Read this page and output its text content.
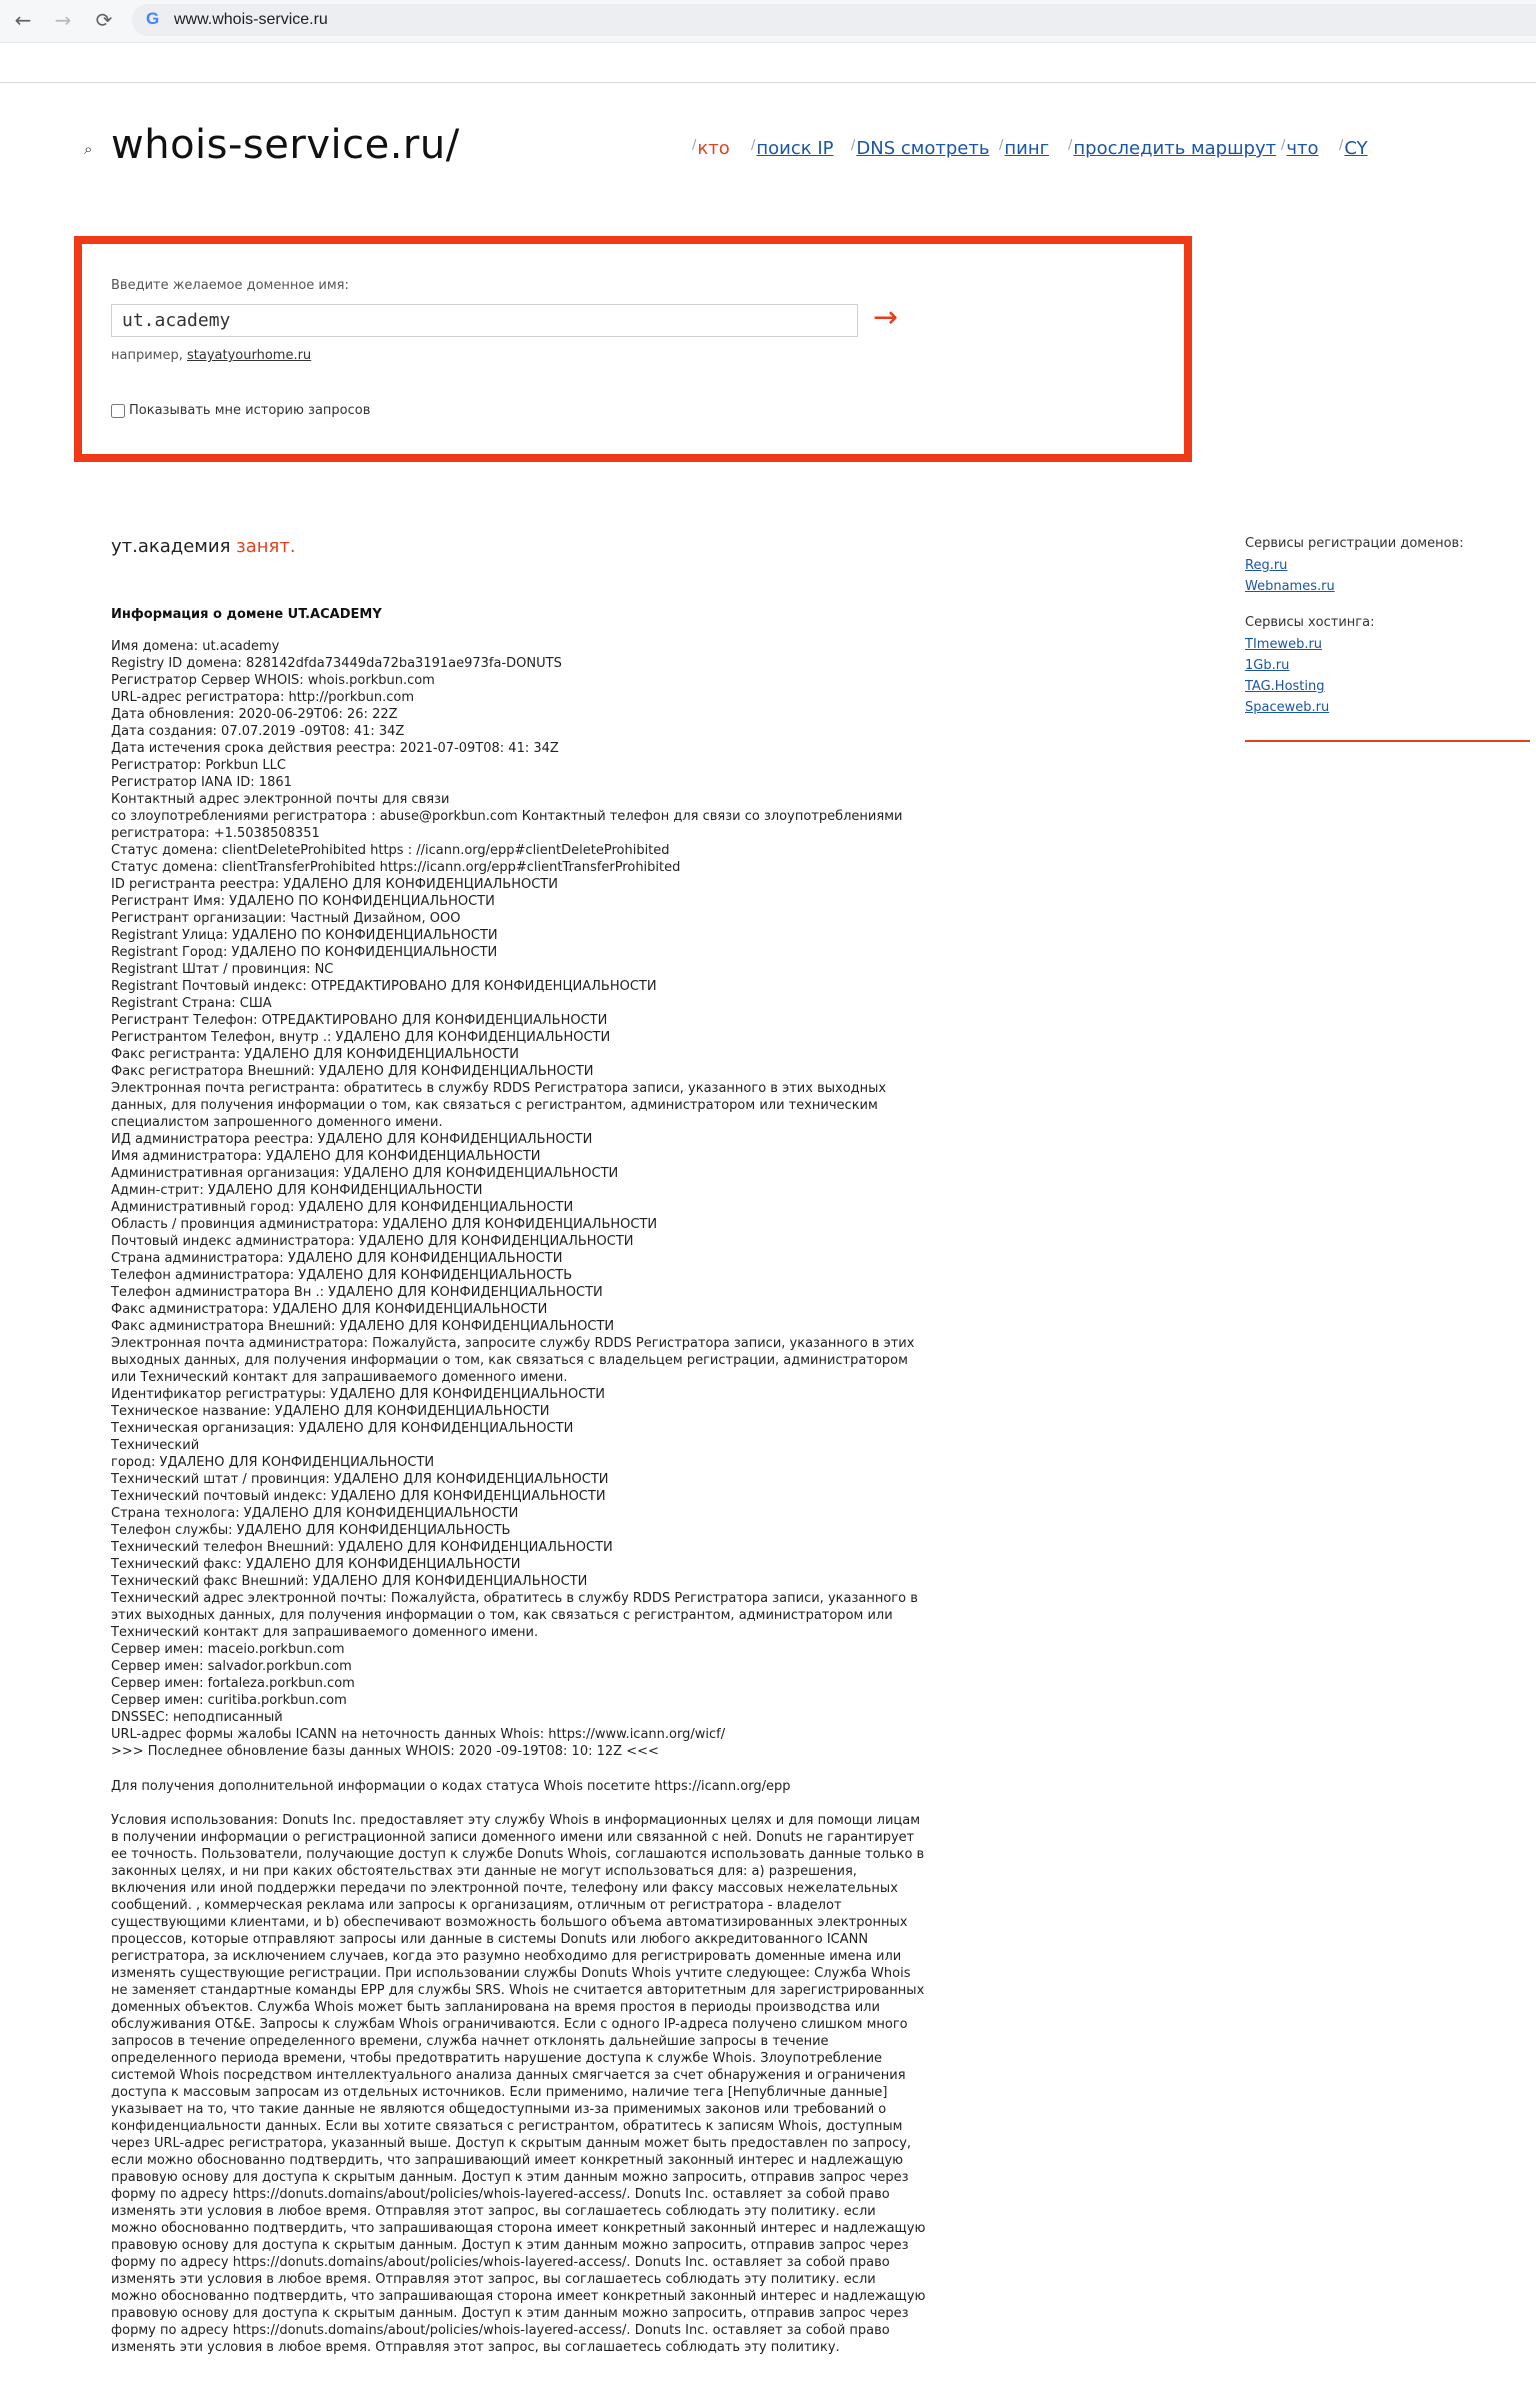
← → ⟳ G www.whois-service.ru
⌕ whois-service.ru/	/кто /поиск IP /DNS смотреть /пинг /проследить маршрут /что /CY
Введите желаемое доменное имя:
ut.academy
→
например, stayatyourhome.ru
Показывать мне историю запросов
ут.академия занят.
Информация о домене UT.ACADEMY
Имя домена: ut.academy
Registry ID домена: 828142dfda73449da72ba3191ae973fa-DONUTS
Регистратор Сервер WHOIS: whois.porkbun.com
URL-адрес регистратора: http://porkbun.com
Дата обновления: 2020-06-29T06: 26: 22Z
Дата создания: 07.07.2019 -09T08: 41: 34Z
Дата истечения срока действия реестра: 2021-07-09T08: 41: 34Z
Регистратор: Porkbun LLC
Регистратор IANA ID: 1861
Контактный адрес электронной почты для связи
со злоупотреблениями регистратора : abuse@porkbun.com Контактный телефон для связи со злоупотреблениями
регистратора: +1.5038508351
Статус домена: clientDeleteProhibited https : //icann.org/epp#clientDeleteProhibited
Статус домена: clientTransferProhibited https://icann.org/epp#clientTransferProhibited
ID регистранта реестра: УДАЛЕНО ДЛЯ КОНФИДЕНЦИАЛЬНОСТИ
Регистрант Имя: УДАЛЕНО ПО КОНФИДЕНЦИАЛЬНОСТИ
Регистрант организации: Частный Дизайном, ООО
Registrant Улица: УДАЛЕНО ПО КОНФИДЕНЦИАЛЬНОСТИ
Registrant Город: УДАЛЕНО ПО КОНФИДЕНЦИАЛЬНОСТИ
Registrant Штат / провинция: NC
Registrant Почтовый индекс: ОТРЕДАКТИРОВАНО ДЛЯ КОНФИДЕНЦИАЛЬНОСТИ
Registrant Страна: США
Регистрант Телефон: ОТРЕДАКТИРОВАНО ДЛЯ КОНФИДЕНЦИАЛЬНОСТИ
Регистрантом Телефон, внутр .: УДАЛЕНО ДЛЯ КОНФИДЕНЦИАЛЬНОСТИ
Факс регистранта: УДАЛЕНО ДЛЯ КОНФИДЕНЦИАЛЬНОСТИ
Факс регистратора Внешний: УДАЛЕНО ДЛЯ КОНФИДЕНЦИАЛЬНОСТИ
Электронная почта регистранта: обратитесь в службу RDDS Регистратора записи, указанного в этих выходных
данных, для получения информации о том, как связаться с регистрантом, администратором или техническим
специалистом запрошенного доменного имени.
ИД администратора реестра: УДАЛЕНО ДЛЯ КОНФИДЕНЦИАЛЬНОСТИ
Имя администратора: УДАЛЕНО ДЛЯ КОНФИДЕНЦИАЛЬНОСТИ
Административная организация: УДАЛЕНО ДЛЯ КОНФИДЕНЦИАЛЬНОСТИ
Админ-стрит: УДАЛЕНО ДЛЯ КОНФИДЕНЦИАЛЬНОСТИ
Административный город: УДАЛЕНО ДЛЯ КОНФИДЕНЦИАЛЬНОСТИ
Область / провинция администратора: УДАЛЕНО ДЛЯ КОНФИДЕНЦИАЛЬНОСТИ
Почтовый индекс администратора: УДАЛЕНО ДЛЯ КОНФИДЕНЦИАЛЬНОСТИ
Страна администратора: УДАЛЕНО ДЛЯ КОНФИДЕНЦИАЛЬНОСТИ
Телефон администратора: УДАЛЕНО ДЛЯ КОНФИДЕНЦИАЛЬНОСТЬ
Телефон администратора Вн .: УДАЛЕНО ДЛЯ КОНФИДЕНЦИАЛЬНОСТИ
Факс администратора: УДАЛЕНО ДЛЯ КОНФИДЕНЦИАЛЬНОСТИ
Факс администратора Внешний: УДАЛЕНО ДЛЯ КОНФИДЕНЦИАЛЬНОСТИ
Электронная почта администратора: Пожалуйста, запросите службу RDDS Регистратора записи, указанного в этих
выходных данных, для получения информации о том, как связаться с владельцем регистрации, администратором
или Технический контакт для запрашиваемого доменного имени.
Идентификатор регистратуры: УДАЛЕНО ДЛЯ КОНФИДЕНЦИАЛЬНОСТИ
Техническое название: УДАЛЕНО ДЛЯ КОНФИДЕНЦИАЛЬНОСТИ
Техническая организация: УДАЛЕНО ДЛЯ КОНФИДЕНЦИАЛЬНОСТИ
Технический
город: УДАЛЕНО ДЛЯ КОНФИДЕНЦИАЛЬНОСТИ
Технический штат / провинция: УДАЛЕНО ДЛЯ КОНФИДЕНЦИАЛЬНОСТИ
Технический почтовый индекс: УДАЛЕНО ДЛЯ КОНФИДЕНЦИАЛЬНОСТИ
Страна технолога: УДАЛЕНО ДЛЯ КОНФИДЕНЦИАЛЬНОСТИ
Телефон службы: УДАЛЕНО ДЛЯ КОНФИДЕНЦИАЛЬНОСТЬ
Технический телефон Внешний: УДАЛЕНО ДЛЯ КОНФИДЕНЦИАЛЬНОСТИ
Технический факс: УДАЛЕНО ДЛЯ КОНФИДЕНЦИАЛЬНОСТИ
Технический факс Внешний: УДАЛЕНО ДЛЯ КОНФИДЕНЦИАЛЬНОСТИ
Технический адрес электронной почты: Пожалуйста, обратитесь в службу RDDS Регистратора записи, указанного в
этих выходных данных, для получения информации о том, как связаться с регистрантом, администратором или
Технический контакт для запрашиваемого доменного имени.
Сервер имен: maceio.porkbun.com
Сервер имен: salvador.porkbun.com
Сервер имен: fortaleza.porkbun.com
Сервер имен: curitiba.porkbun.com
DNSSEC: неподписанный
URL-адрес формы жалобы ICANN на неточность данных Whois: https://www.icann.org/wicf/
>>> Последнее обновление базы данных WHOIS: 2020 -09-19T08: 10: 12Z <<<
Для получения дополнительной информации о кодах статуса Whois посетите https://icann.org/epp
Условия использования: Donuts Inc. предоставляет эту службу Whois в информационных целях и для помощи лицам
в получении информации о регистрационной записи доменного имени или связанной с ней. Donuts не гарантирует
ее точность. Пользователи, получающие доступ к службе Donuts Whois, соглашаются использовать данные только в
законных целях, и ни при каких обстоятельствах эти данные не могут использоваться для: а) разрешения,
включения или иной поддержки передачи по электронной почте, телефону или факсу массовых нежелательных
сообщений. , коммерческая реклама или запросы к организациям, отличным от регистратора - владелот
существующими клиентами, и b) обеспечивают возможность большого объема автоматизированных электронных
процессов, которые отправляют запросы или данные в системы Donuts или любого аккредитованного ICANN
регистратора, за исключением случаев, когда это разумно необходимо для регистрировать доменные имена или
изменять существующие регистрации. При использовании службы Donuts Whois учтите следующее: Служба Whois
не заменяет стандартные команды EPP для службы SRS. Whois не считается авторитетным для зарегистрированных
доменных объектов. Служба Whois может быть запланирована на время простоя в периоды производства или
обслуживания OT&E. Запросы к службам Whois ограничиваются. Если с одного IP-адреса получено слишком много
запросов в течение определенного времени, служба начнет отклонять дальнейшие запросы в течение
определенного периода времени, чтобы предотвратить нарушение доступа к службе Whois. Злоупотребление
системой Whois посредством интеллектуального анализа данных смягчается за счет обнаружения и ограничения
доступа к массовым запросам из отдельных источников. Если применимо, наличие тега [Непубличные данные]
указывает на то, что такие данные не являются общедоступными из-за применимых законов или требований о
конфиденциальности данных. Если вы хотите связаться с регистрантом, обратитесь к записям Whois, доступным
через URL-адрес регистратора, указанный выше. Доступ к скрытым данным может быть предоставлен по запросу,
если можно обоснованно подтвердить, что запрашивающий имеет конкретный законный интерес и надлежащую
правовую основу для доступа к скрытым данным. Доступ к этим данным можно запросить, отправив запрос через
форму по адресу https://donuts.domains/about/policies/whois-layered-access/. Donuts Inc. оставляет за собой право
изменять эти условия в любое время. Отправляя этот запрос, вы соглашаетесь соблюдать эту политику. если
можно обоснованно подтвердить, что запрашивающая сторона имеет конкретный законный интерес и надлежащую
правовую основу для доступа к скрытым данным. Доступ к этим данным можно запросить, отправив запрос через
форму по адресу https://donuts.domains/about/policies/whois-layered-access/. Donuts Inc. оставляет за собой право
изменять эти условия в любое время. Отправляя этот запрос, вы соглашаетесь соблюдать эту политику. если
можно обоснованно подтвердить, что запрашивающая сторона имеет конкретный законный интерес и надлежащую
правовую основу для доступа к скрытым данным. Доступ к этим данным можно запросить, отправив запрос через
форму по адресу https://donuts.domains/about/policies/whois-layered-access/. Donuts Inc. оставляет за собой право
изменять эти условия в любое время. Отправляя этот запрос, вы соглашаетесь соблюдать эту политику.
Сервисы регистрации доменов:
Reg.ru
Webnames.ru
Сервисы хостинга:
TImeweb.ru
1Gb.ru
TAG.Hosting
Spaceweb.ru
